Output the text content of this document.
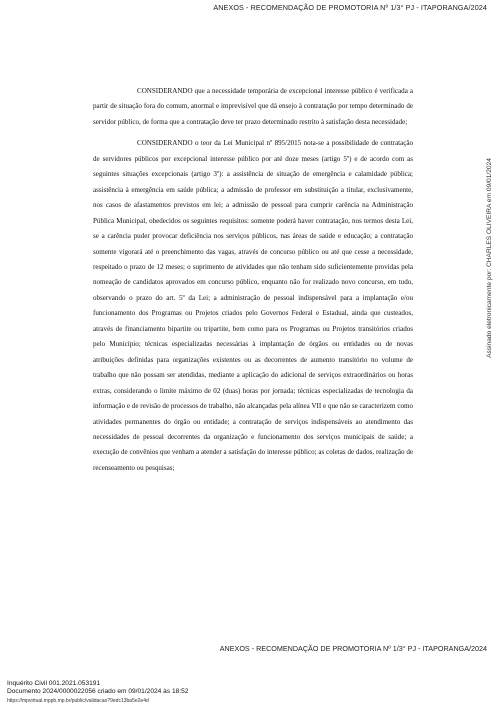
ANEXOS - RECOMENDAÇÃO DE PROMOTORIA Nº 1/3° PJ - ITAPORANGA/2024

CONSIDERANDO que a necessidade temporária de excepcional interesse público é verificada a partir de situação fora do comum, anormal e imprevisível que dá ensejo à contratação por tempo determinado de servidor público, de forma que a contratação deve ter prazo determinado restrito à satisfação desta necessidade;

CONSIDERANDO o teor da Lei Municipal nº 895/2015 nota-se a possibilidade de contratação de servidores públicos por excepcional interesse público por até doze meses (artigo 5º) e de acordo com as seguintes situações excepcionais (artigo 3º): a assistência de situação de emergência e calamidade pública; assistência à emergência em saúde pública; a admissão de professor em substituição a titular, exclusivamente, nos casos de afastamentos previstos em lei; a admissão de pessoal para cumprir carência na Administração Pública Municipal, obedecidos os seguintes requisitos: somente poderá haver contratação, nos termos desta Lei, se a carência puder provocar deficiência nos serviços públicos, nas áreas de saúde e educação; a contratação somente vigorará até o preenchimento das vagas, através de concurso público ou até que cesse a necessidade, respeitado o prazo de 12 meses; o suprimento de atividades que não tenham sido suficientemente providas pela nomeação de candidatos aprovados em concurso público, enquanto não for realizado novo concurso, em tudo, observando o prazo do art. 5º da Lei; a administração de pessoal indispensável para a implantação e/ou funcionamento dos Programas ou Projetos criados pelo Governos Federal e Estadual, ainda que custeados, através de financiamento bipartite ou tripartite, bem como para os Programas ou Projetos transitórios criados pelo Município; técnicas especializadas necessárias à implantação de órgãos ou entidades ou de novas atribuições definidas para organizações existentes ou as decorrentes de aumento transitório no volume de trabalho que não possam ser atendidas, mediante a aplicação do adicional de serviços extraordinários ou horas extras, considerando o limite máximo de 02 (duas) horas por jornada; técnicas especializadas de tecnologia da informação e de revisão de processos de trabalho, não alcançadas pela alínea VII e que não se caracterizem como atividades permanentes do órgão ou entidade; a contratação de serviços indispensáveis ao atendimento das necessidades de pessoal decorrentes da organização e funcionamento dos serviços municipais de saúde; a execução de convênios que venham a atender a satisfação do interesse público; as coletas de dados, realização de recenseamento ou pesquisas;

Assinado eletronicamente por: CHARLES OLIVEIRA em 09/01/2024
ANEXOS - RECOMENDAÇÃO DE PROMOTORIA Nº 1/3° PJ - ITAPORANGA/2024
Inquérito Civil 001.2021.053191
Documento 2024/0000022056 criado em 09/01/2024 às 18:52
https://mpvirtual.mppb.mp.br/public/validacao?9edc13ba5e2e4d
